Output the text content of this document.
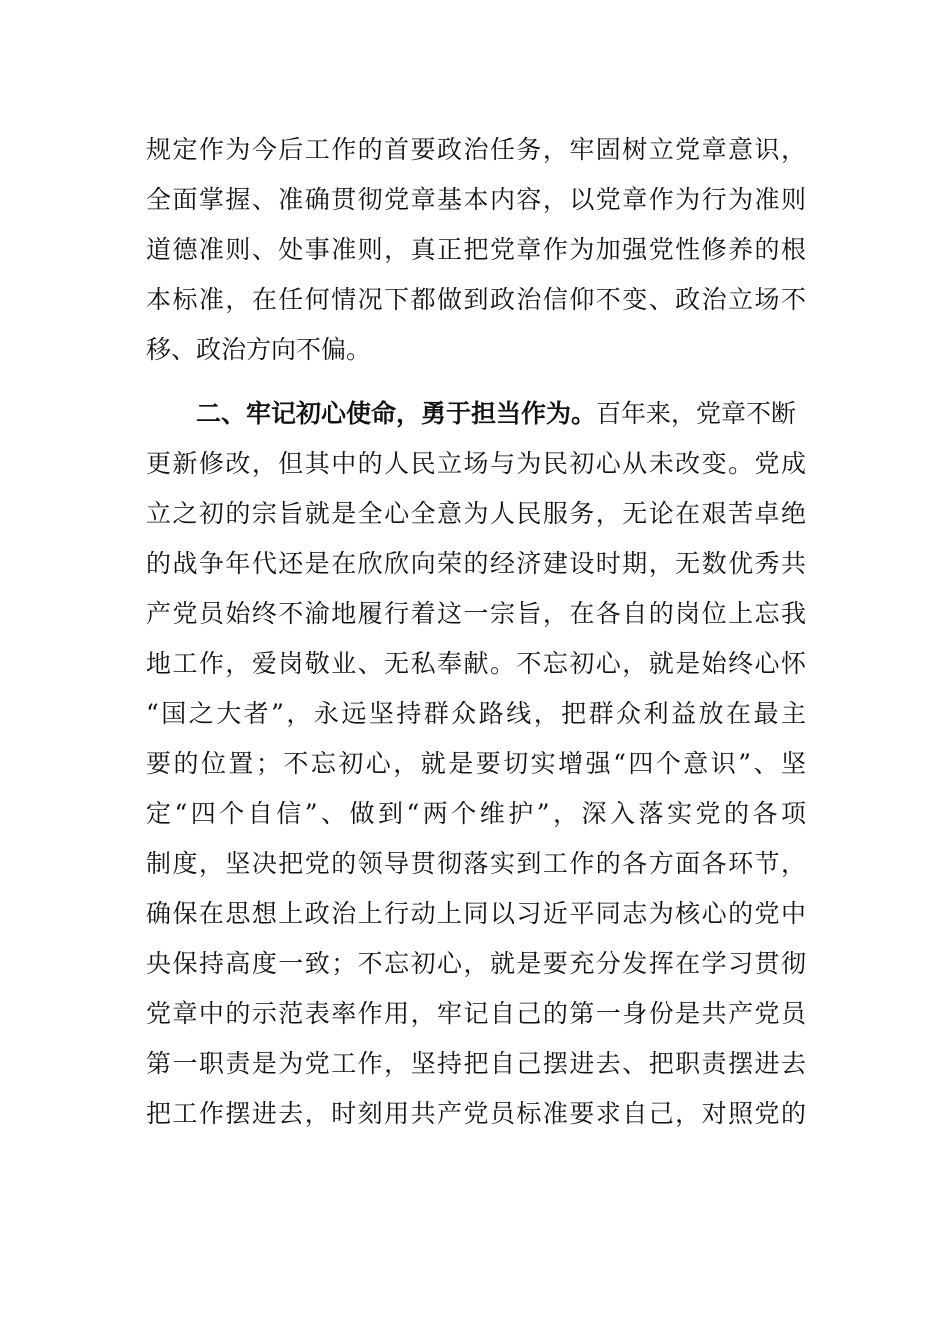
规定作为今后工作的首要政治任务，牢固树立党章意识，
全面掌握、准确贯彻党章基本内容，以党章作为行为准则
道德准则、处事准则，真正把党章作为加强党性修养的根
本标准，在任何情况下都做到政治信仰不变、政治立场不
移、政治方向不偏。
二、牢记初心使命，勇于担当作为。百年来，党章不断
更新修改，但其中的人民立场与为民初心从未改变。党成
立之初的宗旨就是全心全意为人民服务，无论在艰苦卓绝
的战争年代还是在欣欣向荣的经济建设时期，无数优秀共
产党员始终不渝地履行着这一宗旨，在各自的岗位上忘我
地工作，爱岗敬业、无私奉献。不忘初心，就是始终心怀
“国之大者”，永远坚持群众路线，把群众利益放在最主
要的位置；不忘初心，就是要切实增强“四个意识”、坚
定“四个自信”、做到“两个维护”，深入落实党的各项
制度，坚决把党的领导贯彻落实到工作的各方面各环节，
确保在思想上政治上行动上同以习近平同志为核心的党中
央保持高度一致；不忘初心，就是要充分发挥在学习贯彻
党章中的示范表率作用，牢记自己的第一身份是共产党员
第一职责是为党工作，坚持把自己摆进去、把职责摆进去
把工作摆进去，时刻用共产党员标准要求自己，对照党的
